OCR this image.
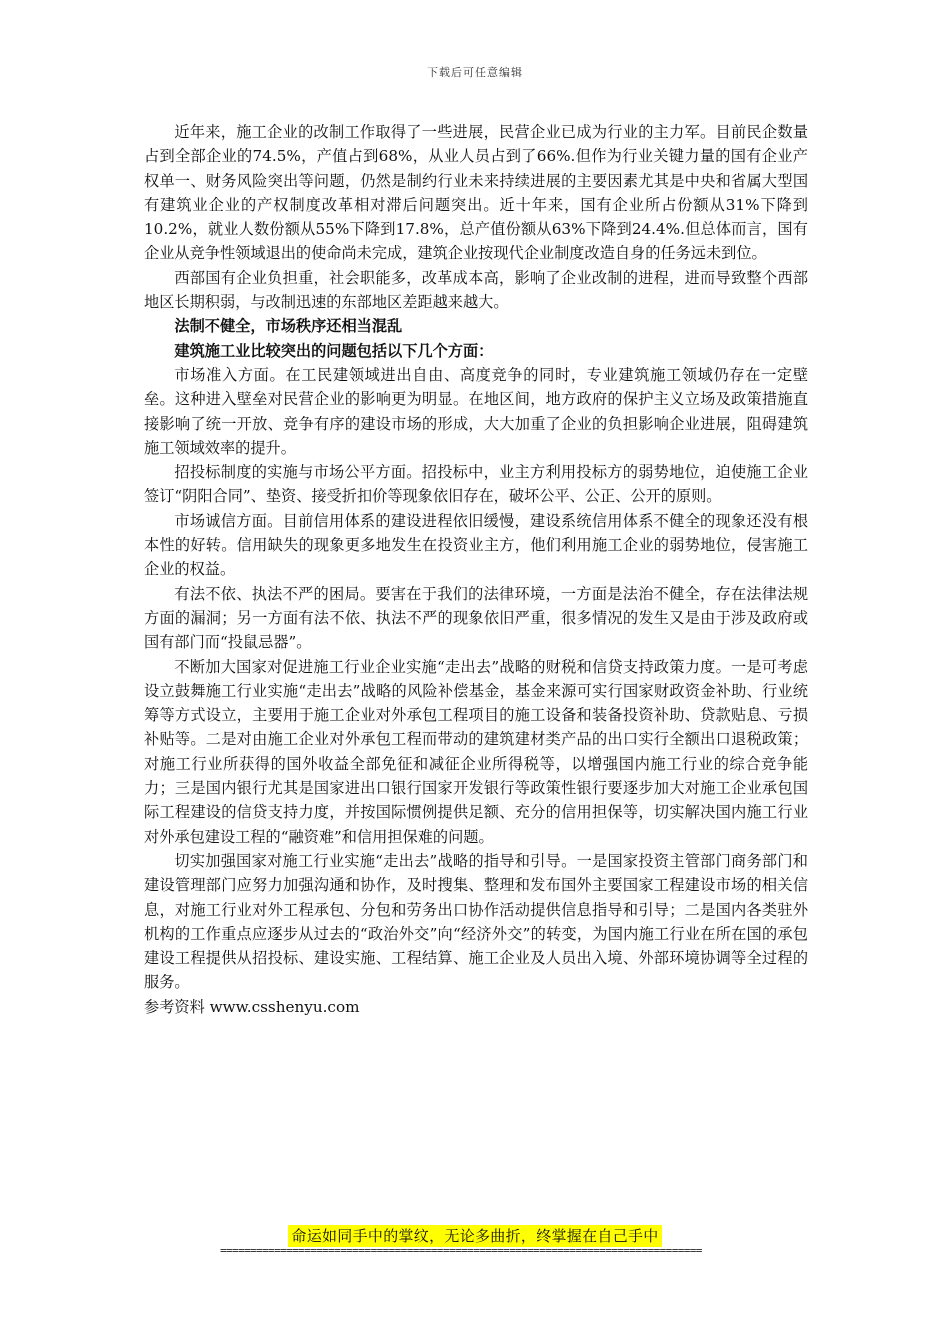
下载后可任意编辑

近年来，施工企业的改制工作取得了一些进展，民营企业已成为行业的主力军。目前民企数量占到全部企业的74.5%，产值占到68%，从业人员占到了66%.但作为行业关键力量的国有企业产权单一、财务风险突出等问题，仍然是制约行业未来持续进展的主要因素尤其是中央和省属大型国有建筑业企业的产权制度改革相对滞后问题突出。近十年来，国有企业所占份额从31%下降到10.2%，就业人数份额从55%下降到17.8%，总产值份额从63%下降到24.4%.但总体而言，国有企业从竞争性领域退出的使命尚未完成，建筑企业按现代企业制度改造自身的任务远未到位。

西部国有企业负担重，社会职能多，改革成本高，影响了企业改制的进程，进而导致整个西部地区长期积弱，与改制迅速的东部地区差距越来越大。

法制不健全，市场秩序还相当混乱

建筑施工业比较突出的问题包括以下几个方面：

市场准入方面。在工民建领域进出自由、高度竞争的同时，专业建筑施工领域仍存在一定壁垒。这种进入壁垒对民营企业的影响更为明显。在地区间，地方政府的保护主义立场及政策措施直接影响了统一开放、竞争有序的建设市场的形成，大大加重了企业的负担影响企业进展，阻碍建筑施工领域效率的提升。

招投标制度的实施与市场公平方面。招投标中，业主方利用投标方的弱势地位，迫使施工企业签订“阴阳合同”、垫资、接受折扣价等现象依旧存在，破坏公平、公正、公开的原则。

市场诚信方面。目前信用体系的建设进程依旧缓慢，建设系统信用体系不健全的现象还没有根本性的好转。信用缺失的现象更多地发生在投资业主方，他们利用施工企业的弱势地位，侵害施工企业的权益。

有法不依、执法不严的困局。要害在于我们的法律环境，一方面是法治不健全，存在法律法规方面的漏洞；另一方面有法不依、执法不严的现象依旧严重，很多情况的发生又是由于涉及政府或国有部门而“投鼠忌器”。

不断加大国家对促进施工行业企业实施“走出去”战略的财税和信贷支持政策力度。一是可考虑设立鼓舞施工行业实施“走出去”战略的风险补偿基金，基金来源可实行国家财政资金补助、行业统筹等方式设立，主要用于施工企业对外承包工程项目的施工设备和装备投资补助、贷款贴息、亏损补贴等。二是对由施工企业对外承包工程而带动的建筑建材类产品的出口实行全额出口退税政策；对施工行业所获得的国外收益全部免征和减征企业所得税等，以增强国内施工行业的综合竞争能力；三是国内银行尤其是国家进出口银行国家开发银行等政策性银行要逐步加大对施工企业承包国际工程建设的信贷支持力度，并按国际惯例提供足额、充分的信用担保等，切实解决国内施工行业对外承包建设工程的“融资难”和信用担保难的问题。

切实加强国家对施工行业实施“走出去”战略的指导和引导。一是国家投资主管部门商务部门和建设管理部门应努力加强沟通和协作，及时搜集、整理和发布国外主要国家工程建设市场的相关信息，对施工行业对外工程承包、分包和劳务出口协作活动提供信息指导和引导；二是国内各类驻外机构的工作重点应逐步从过去的“政治外交”向“经济外交”的转变，为国内施工行业在所在国的承包建设工程提供从招投标、建设实施、工程结算、施工企业及人员出入境、外部环境协调等全过程的服务。

参考资料 www.csshenyu.com

命运如同手中的掌纹，无论多曲折，终掌握在自己手中
================================================================================
